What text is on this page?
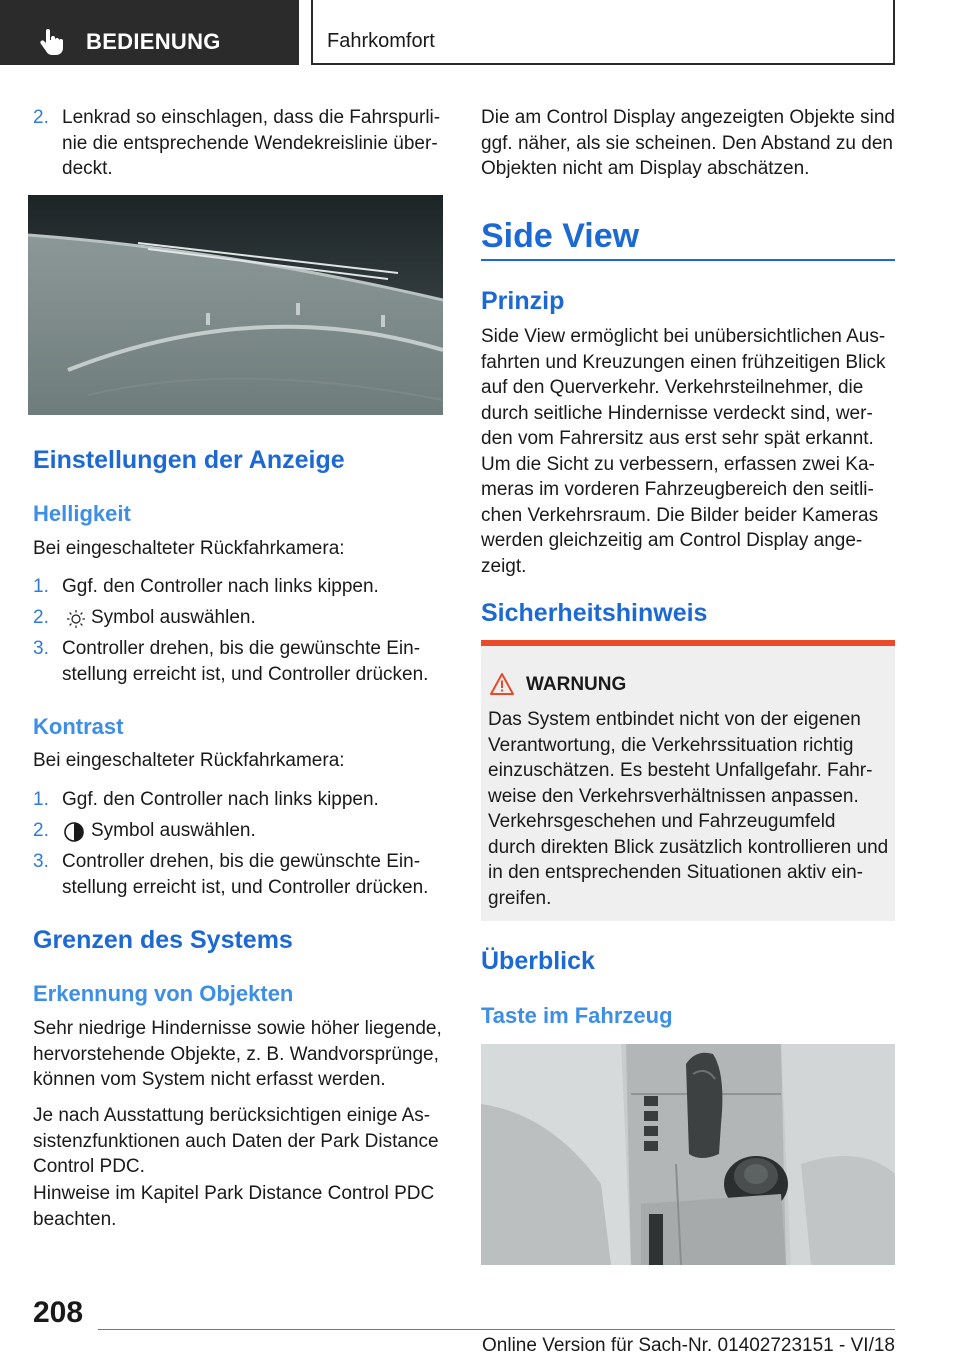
BEDIENUNG	Fahrkomfort
2. Lenkrad so einschlagen, dass die Fahrspurli‐
nie die entsprechende Wendekreislinie über‐
deckt.
Einstellungen der Anzeige
Helligkeit
Bei eingeschalteter Rückfahrkamera:
1. Ggf. den Controller nach links kippen.
2. Symbol auswählen.
3. Controller drehen, bis die gewünschte Ein‐
stellung erreicht ist, und Controller drücken.
Kontrast
Bei eingeschalteter Rückfahrkamera:
1. Ggf. den Controller nach links kippen.
2. Symbol auswählen.
3. Controller drehen, bis die gewünschte Ein‐
stellung erreicht ist, und Controller drücken.
Grenzen des Systems
Erkennung von Objekten
Sehr niedrige Hindernisse sowie höher liegende,
hervorstehende Objekte, z. B. Wandvorsprünge,
können vom System nicht erfasst werden.
Je nach Ausstattung berücksichtigen einige As‐
sistenzfunktionen auch Daten der Park Distance
Control PDC.
Hinweise im Kapitel Park Distance Control PDC
beachten.
Die am Control Display angezeigten Objekte sind
ggf. näher, als sie scheinen. Den Abstand zu den
Objekten nicht am Display abschätzen.
Side View
Prinzip
Side View ermöglicht bei unübersichtlichen Aus‐
fahrten und Kreuzungen einen frühzeitigen Blick
auf den Querverkehr. Verkehrsteilnehmer, die
durch seitliche Hindernisse verdeckt sind, wer‐
den vom Fahrersitz aus erst sehr spät erkannt.
Um die Sicht zu verbessern, erfassen zwei Ka‐
meras im vorderen Fahrzeugbereich den seitli‐
chen Verkehrsraum. Die Bilder beider Kameras
werden gleichzeitig am Control Display ange‐
zeigt.
Sicherheitshinweis
WARNUNG
Das System entbindet nicht von der eigenen
Verantwortung, die Verkehrssituation richtig
einzuschätzen. Es besteht Unfallgefahr. Fahr‐
weise den Verkehrsverhältnissen anpassen.
Verkehrsgeschehen und Fahrzeugumfeld
durch direkten Blick zusätzlich kontrollieren und
in den entsprechenden Situationen aktiv ein‐
greifen.
Überblick
Taste im Fahrzeug
208
Online Version für Sach-Nr. 01402723151 - VI/18
